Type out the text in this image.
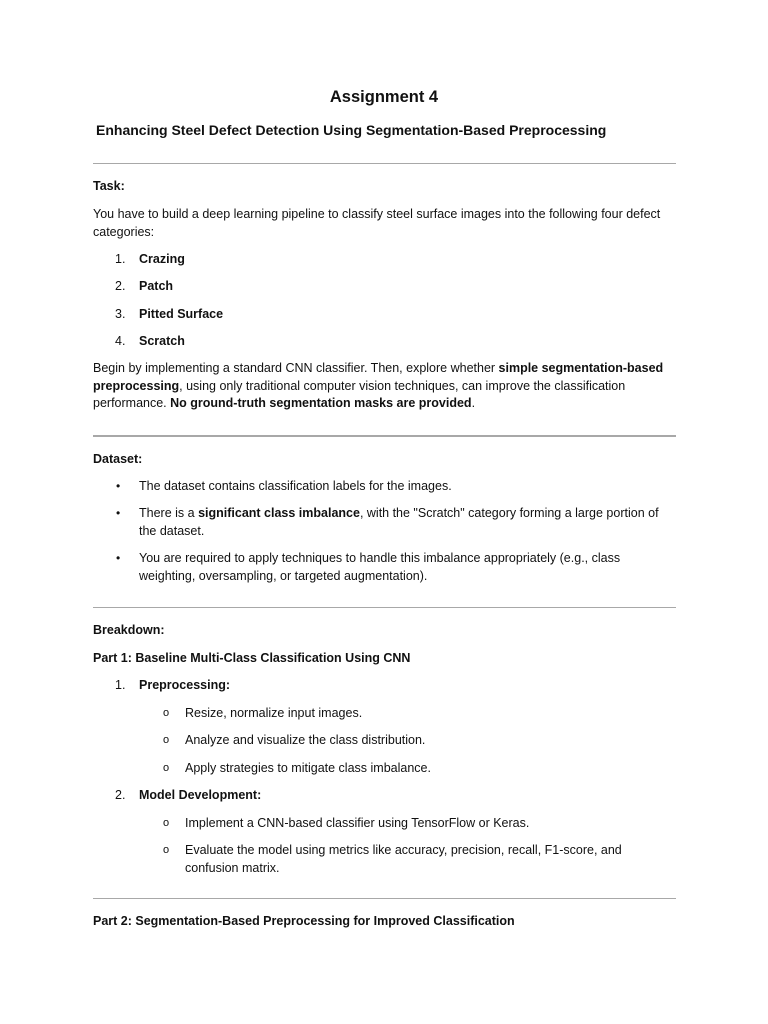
Assignment 4
Enhancing Steel Defect Detection Using Segmentation-Based Preprocessing

Task:

You have to build a deep learning pipeline to classify steel surface images into the following four defect categories:

1. Crazing
2. Patch
3. Pitted Surface
4. Scratch

Begin by implementing a standard CNN classifier. Then, explore whether simple segmentation-based preprocessing, using only traditional computer vision techniques, can improve the classification performance. No ground-truth segmentation masks are provided.

Dataset:

• The dataset contains classification labels for the images.
• There is a significant class imbalance, with the "Scratch" category forming a large portion of the dataset.
• You are required to apply techniques to handle this imbalance appropriately (e.g., class weighting, oversampling, or targeted augmentation).

Breakdown:

Part 1: Baseline Multi-Class Classification Using CNN

1. Preprocessing:
o Resize, normalize input images.
o Analyze and visualize the class distribution.
o Apply strategies to mitigate class imbalance.
2. Model Development:
o Implement a CNN-based classifier using TensorFlow or Keras.
o Evaluate the model using metrics like accuracy, precision, recall, F1-score, and confusion matrix.

Part 2: Segmentation-Based Preprocessing for Improved Classification
